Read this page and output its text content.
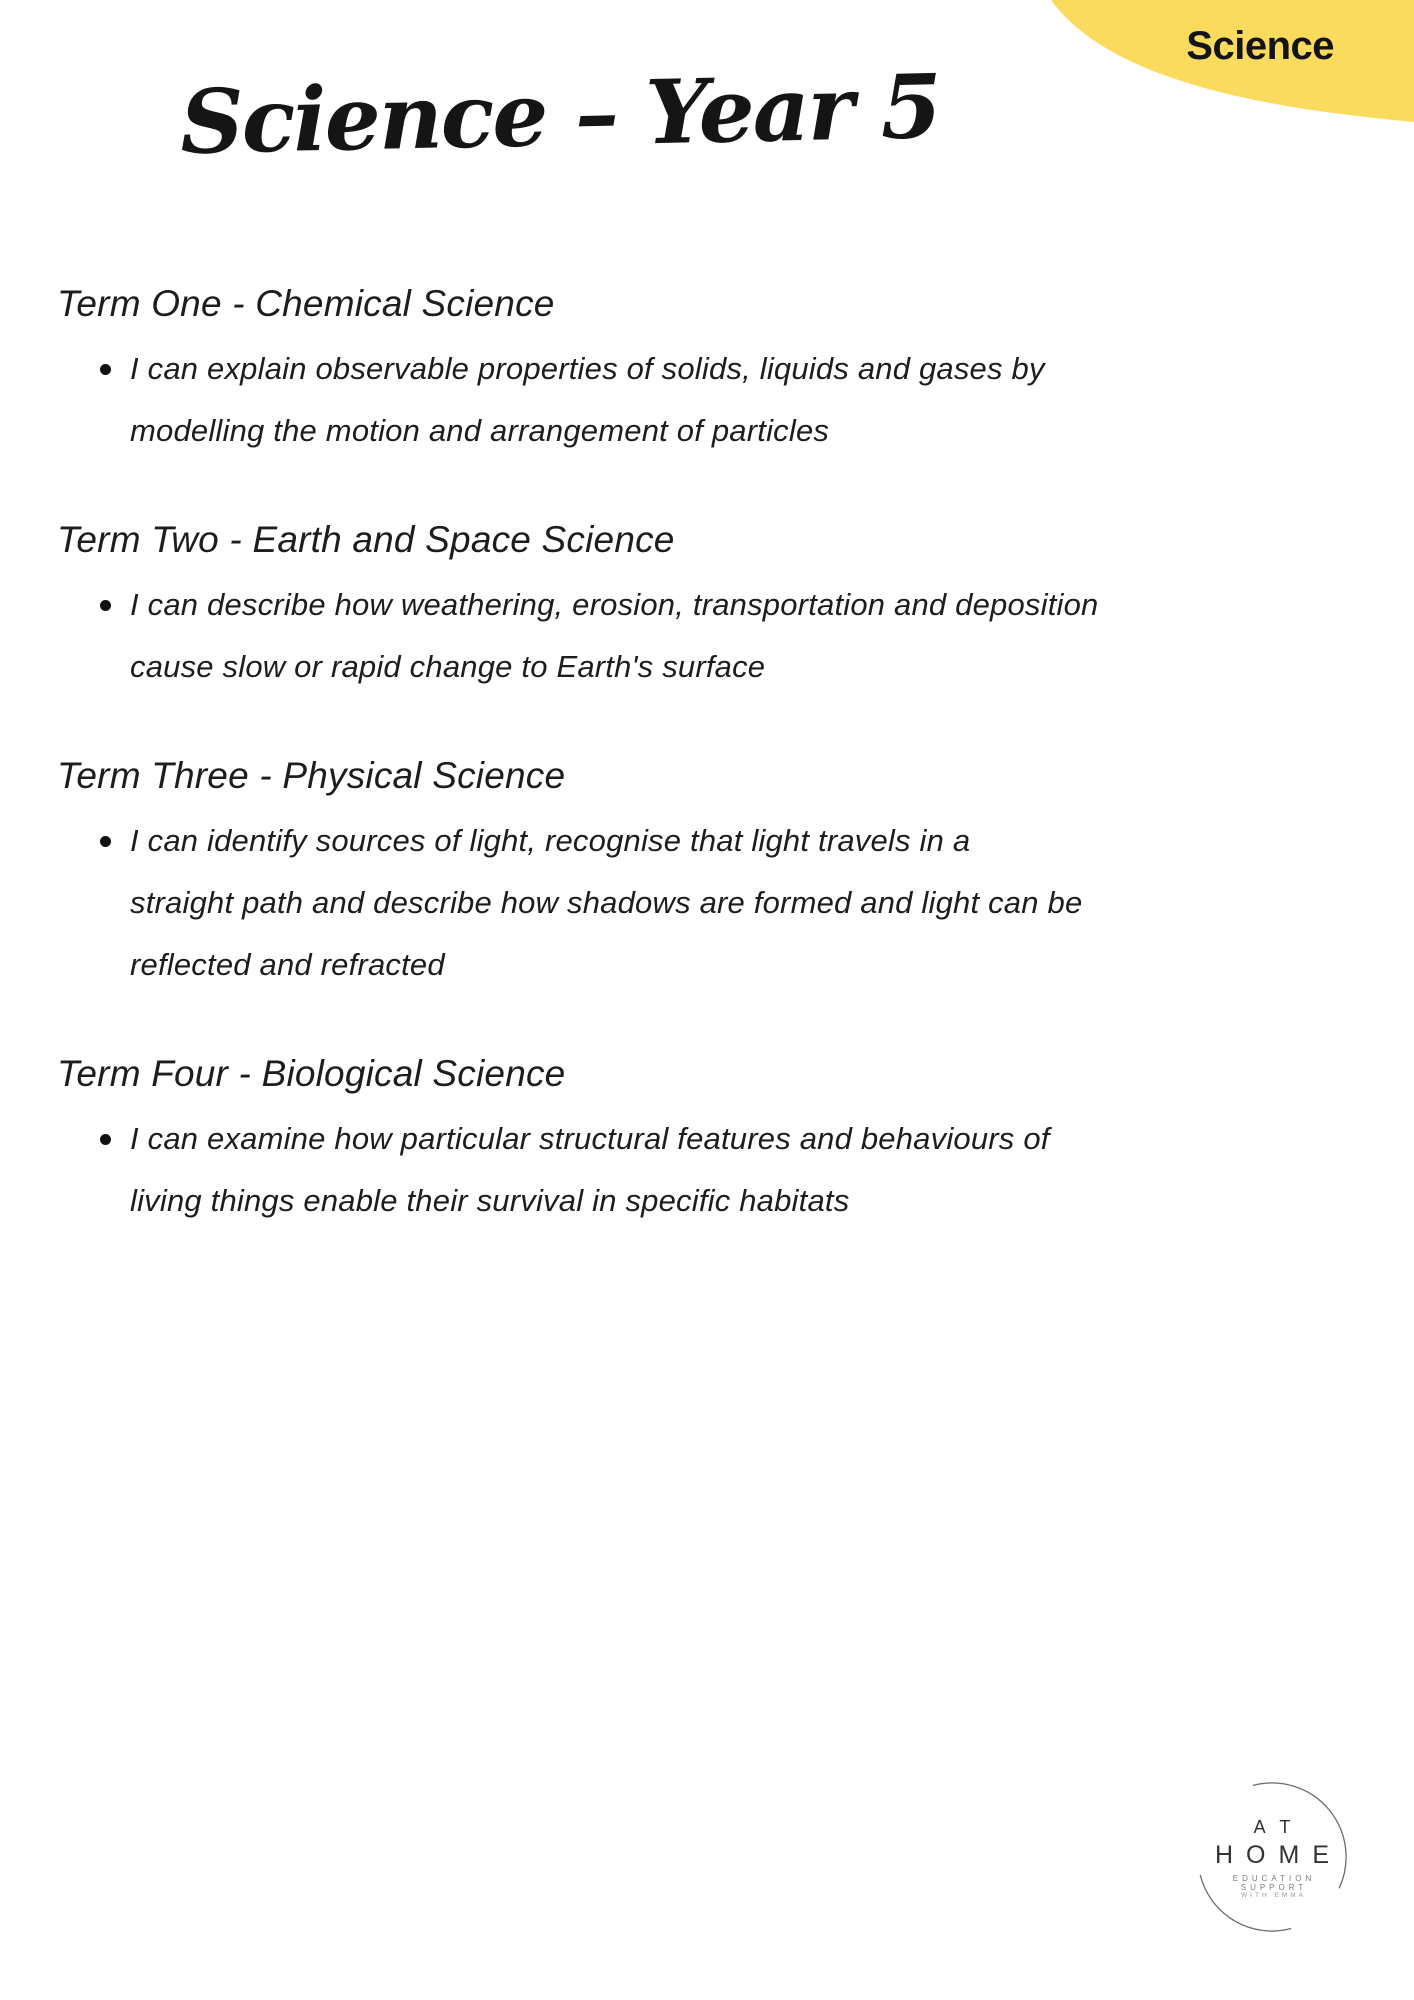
Science
Science – Year 5
Term One - Chemical Science
I can explain observable properties of solids, liquids and gases by
modelling the motion and arrangement of particles
Term Two - Earth and Space Science
I can describe how weathering, erosion, transportation and deposition
cause slow or rapid change to Earth's surface
Term Three - Physical Science
I can identify sources of light, recognise that light travels in a
straight path and describe how shadows are formed and light can be
reflected and refracted
Term Four - Biological Science
I can examine how particular structural features and behaviours of
living things enable their survival in specific habitats
AT
HOME
EDUCATION SUPPORT
WITH EMMA
